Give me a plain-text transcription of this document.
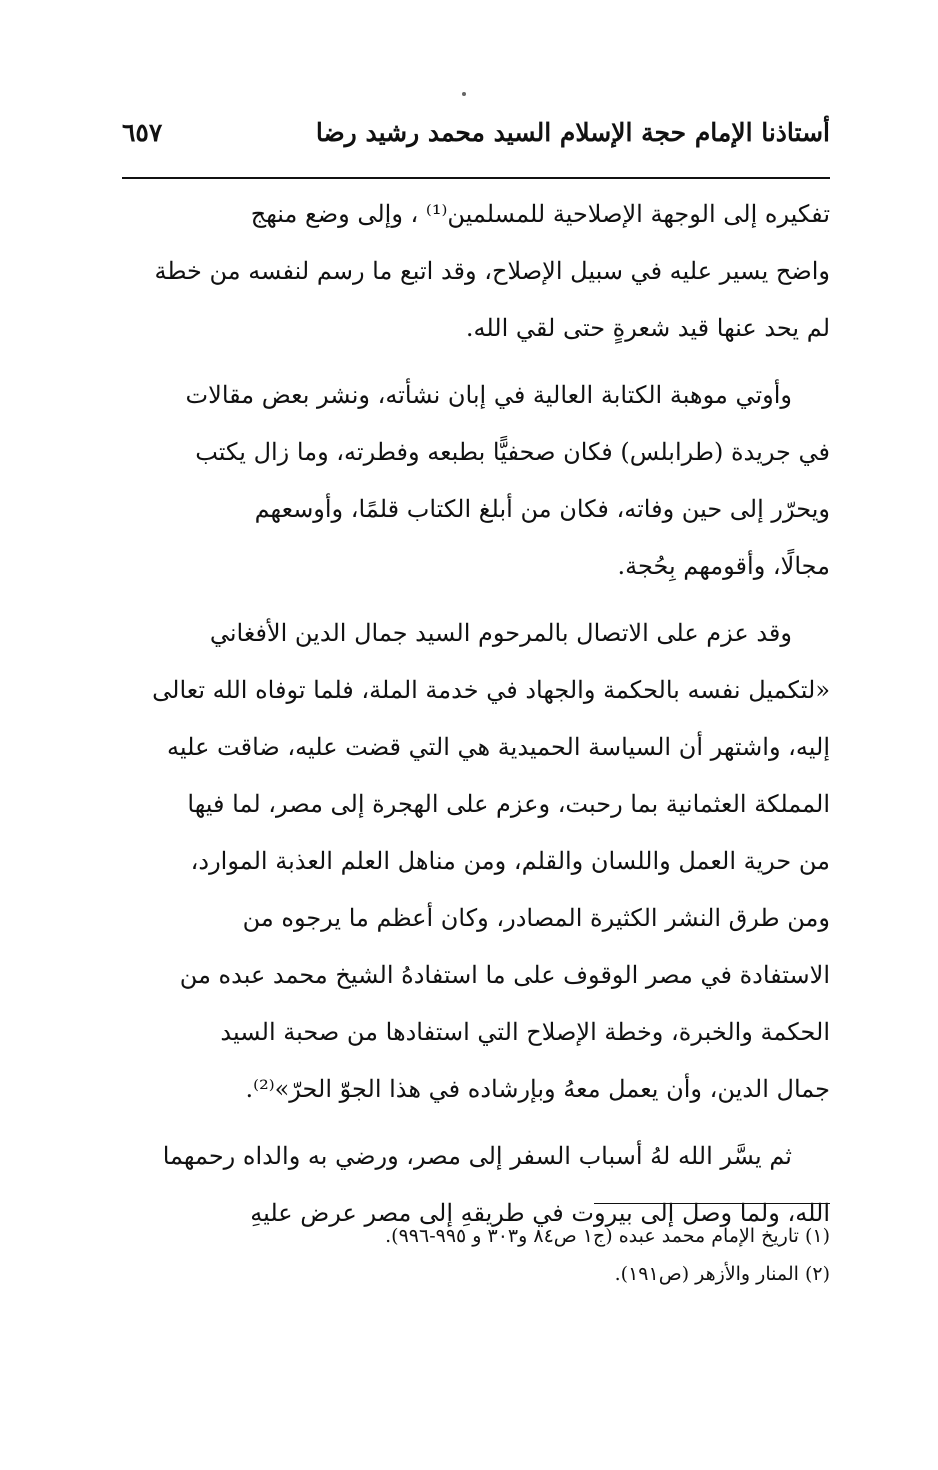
أستاذنا الإمام حجة الإسلام السيد محمد رشيد رضا
٦٥٧

تفكيره إلى الوجهة الإصلاحية للمسلمين⁽¹⁾ ، وإلى وضع منهج
واضح يسير عليه في سبيل الإصلاح، وقد اتبع ما رسم لنفسه من خطة
لم يحد عنها قيد شعرةٍ حتى لقي الله.

وأوتي موهبة الكتابة العالية في إبان نشأته، ونشر بعض مقالات
في جريدة (طرابلس) فكان صحفيًّا بطبعه وفطرته، وما زال يكتب
ويحرّر إلى حين وفاته، فكان من أبلغ الكتاب قلمًا، وأوسعهم
مجالًا، وأقومهم بِحُجة.

وقد عزم على الاتصال بالمرحوم السيد جمال الدين الأفغاني
«لتكميل نفسه بالحكمة والجهاد في خدمة الملة، فلما توفاه الله تعالى
إليه، واشتهر أن السياسة الحميدية هي التي قضت عليه، ضاقت عليه
المملكة العثمانية بما رحبت، وعزم على الهجرة إلى مصر، لما فيها
من حرية العمل واللسان والقلم، ومن مناهل العلم العذبة الموارد،
ومن طرق النشر الكثيرة المصادر، وكان أعظم ما يرجوه من
الاستفادة في مصر الوقوف على ما استفادهُ الشيخ محمد عبده من
الحكمة والخبرة، وخطة الإصلاح التي استفادها من صحبة السيد
جمال الدين، وأن يعمل معهُ وبإرشاده في هذا الجوّ الحرّ»⁽²⁾.

ثم يسَّر الله لهُ أسباب السفر إلى مصر، ورضي به والداه رحمهما
الله، ولما وصل إلى بيروت في طريقهِ إلى مصر عرض عليهِ

(١) تاريخ الإمام محمد عبده (ج١ ص٨٤ و٣٠٣ و ٩٩٥-٩٩٦).
(٢) المنار والأزهر (ص١٩١).
